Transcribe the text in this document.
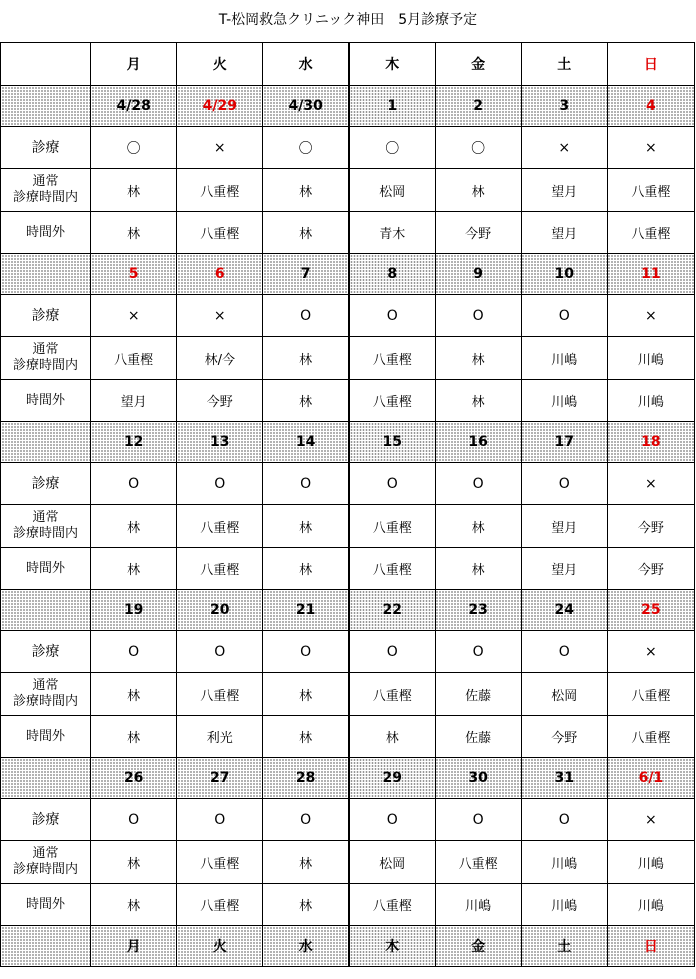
T-松岡救急クリニック神田　5月診療予定
	月	火	水	木	金	土	日
	4/28	4/29	4/30	1	2	3	4
診療	〇	×	〇	〇	〇	×	×

通常
診療時間内	林	八重樫	林	松岡	林	望月	八重樫
時間外	林	八重樫	林	青木	今野	望月	八重樫
	5	6	7	8	9	10	11
診療	×	×	O	O	O	O	×

通常
診療時間内	八重樫	林/今	林	八重樫	林	川嶋	川嶋
時間外	望月	今野	林	八重樫	林	川嶋	川嶋
	12	13	14	15	16	17	18
診療	O	O	O	O	O	O	×

通常
診療時間内	林	八重樫	林	八重樫	林	望月	今野
時間外	林	八重樫	林	八重樫	林	望月	今野
	19	20	21	22	23	24	25
診療	O	O	O	O	O	O	×

通常
診療時間内	林	八重樫	林	八重樫	佐藤	松岡	八重樫
時間外	林	利光	林	林	佐藤	今野	八重樫
	26	27	28	29	30	31	6/1
診療	O	O	O	O	O	O	×

通常
診療時間内	林	八重樫	林	松岡	八重樫	川嶋	川嶋
時間外	林	八重樫	林	八重樫	川嶋	川嶋	川嶋
	月	火	水	木	金	土	日
